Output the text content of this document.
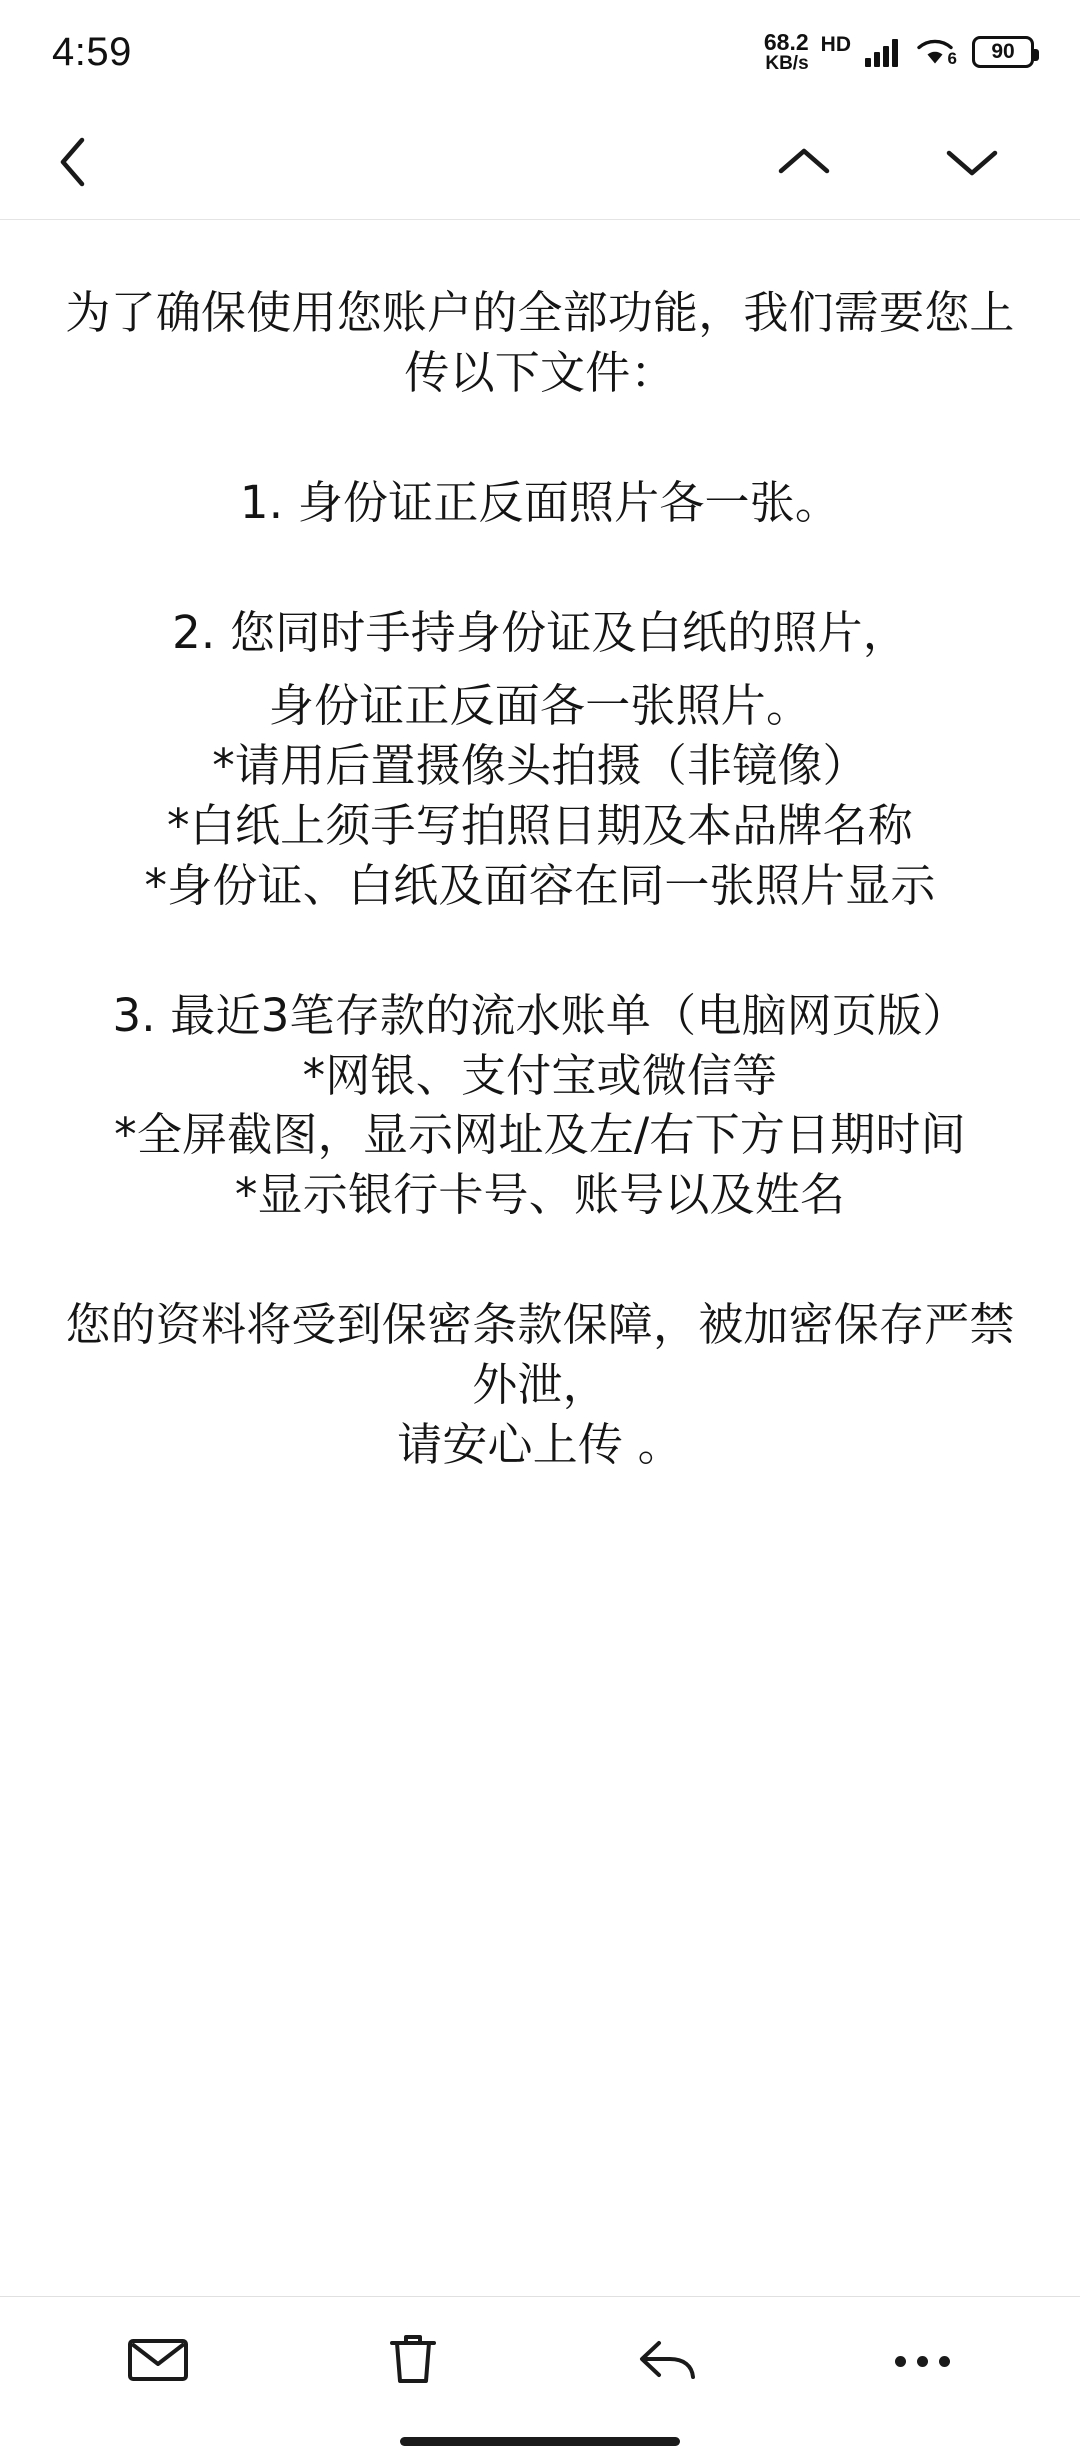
4:59	68.2
KB/s
HD
6 90

为了确保使用您账户的全部功能，我们需要您上传以下文件：

1. 身份证正反面照片各一张。

2. 您同时手持身份证及白纸的照片，

身份证正反面各一张照片。

*请用后置摄像头拍摄（非镜像）

*白纸上须手写拍照日期及本品牌名称

*身份证、白纸及面容在同一张照片显示

3. 最近3笔存款的流水账单（电脑网页版）

*网银、支付宝或微信等

*全屏截图，显示网址及左/右下方日期时间

*显示银行卡号、账号以及姓名

您的资料将受到保密条款保障，被加密保存严禁外泄，

请安心上传 。
